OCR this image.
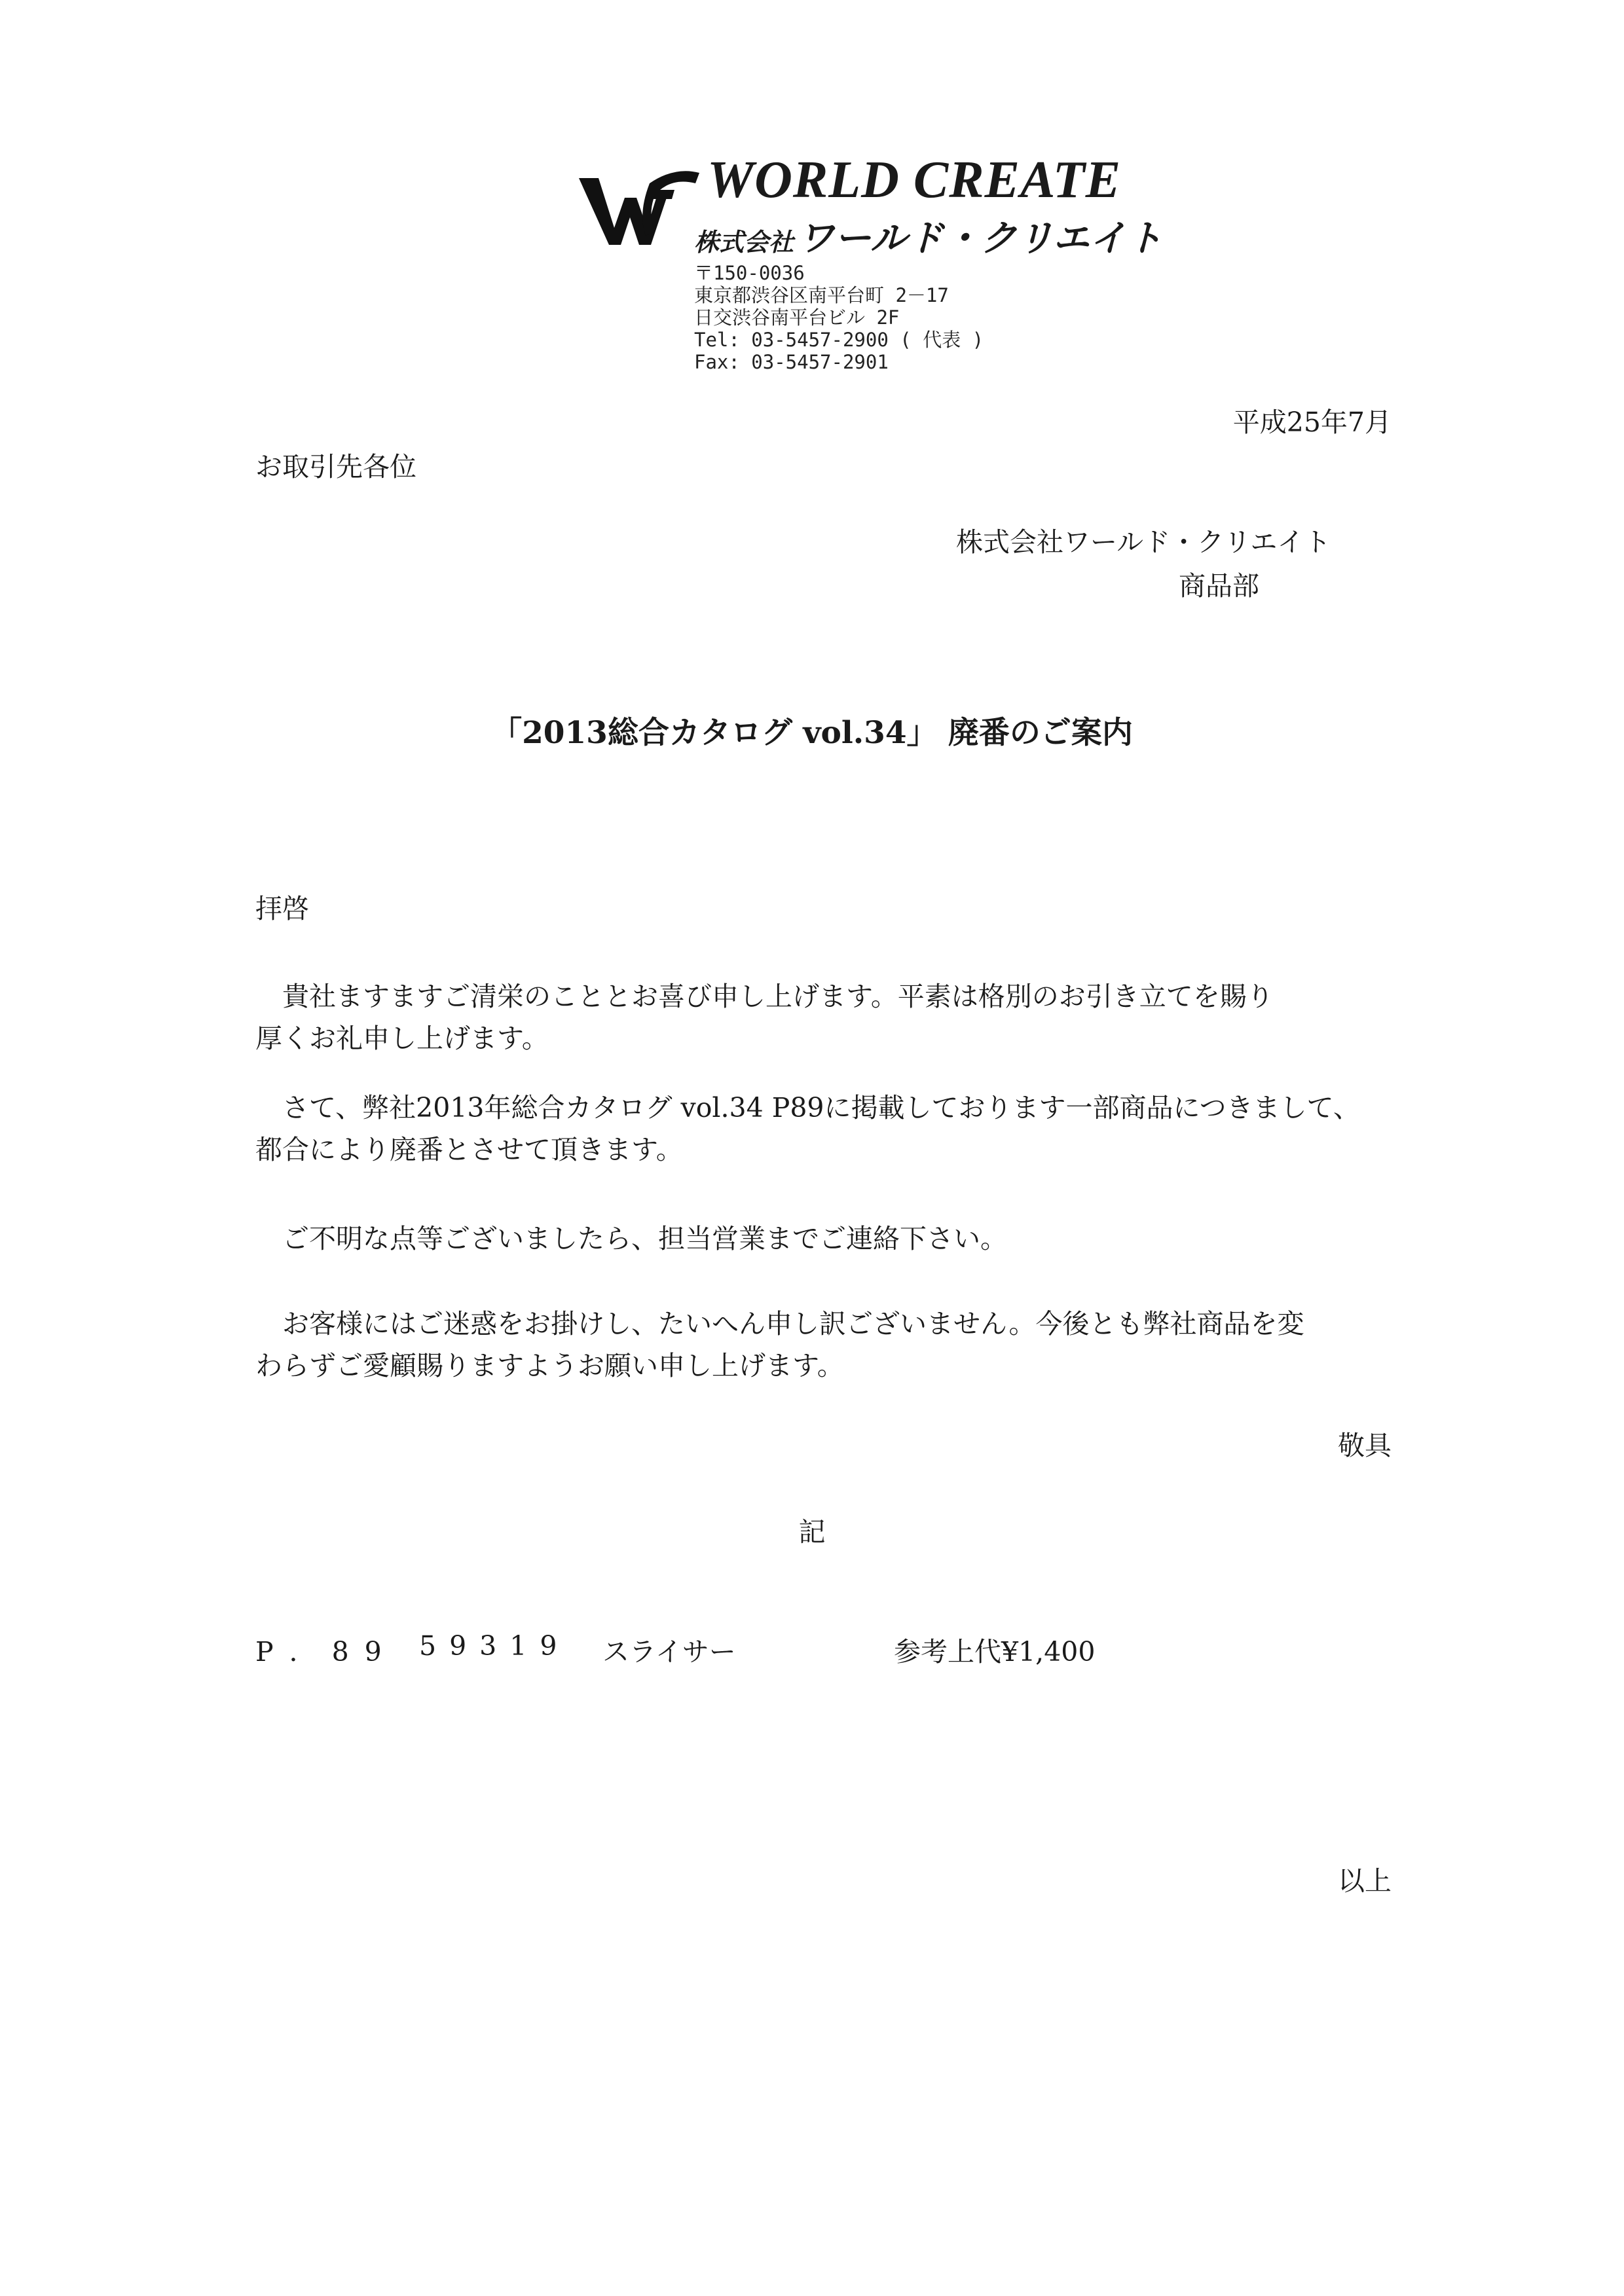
WORLD CREATE
株式会社 ワールド・クリエイト
〒150-0036
東京都渋谷区南平台町 2－17
日交渋谷南平台ビル 2F
Tel: 03-5457-2900 ( 代表 )
Fax: 03-5457-2901
平成25年7月
お取引先各位
株式会社ワールド・クリエイト
商品部
「2013総合カタログ vol.34」 廃番のご案内
拝啓
　貴社ますますご清栄のこととお喜び申し上げます。平素は格別のお引き立てを賜り
厚くお礼申し上げます。
　さて、弊社2013年総合カタログ vol.34 P89に掲載しております一部商品につきまして、
都合により廃番とさせて頂きます。
　ご不明な点等ございましたら、担当営業までご連絡下さい。
　お客様にはご迷惑をお掛けし、たいへん申し訳ございません。今後とも弊社商品を変
わらずご愛顧賜りますようお願い申し上げます。
敬具
記
P．89 59319 スライサー	参考上代¥1,400
以上
